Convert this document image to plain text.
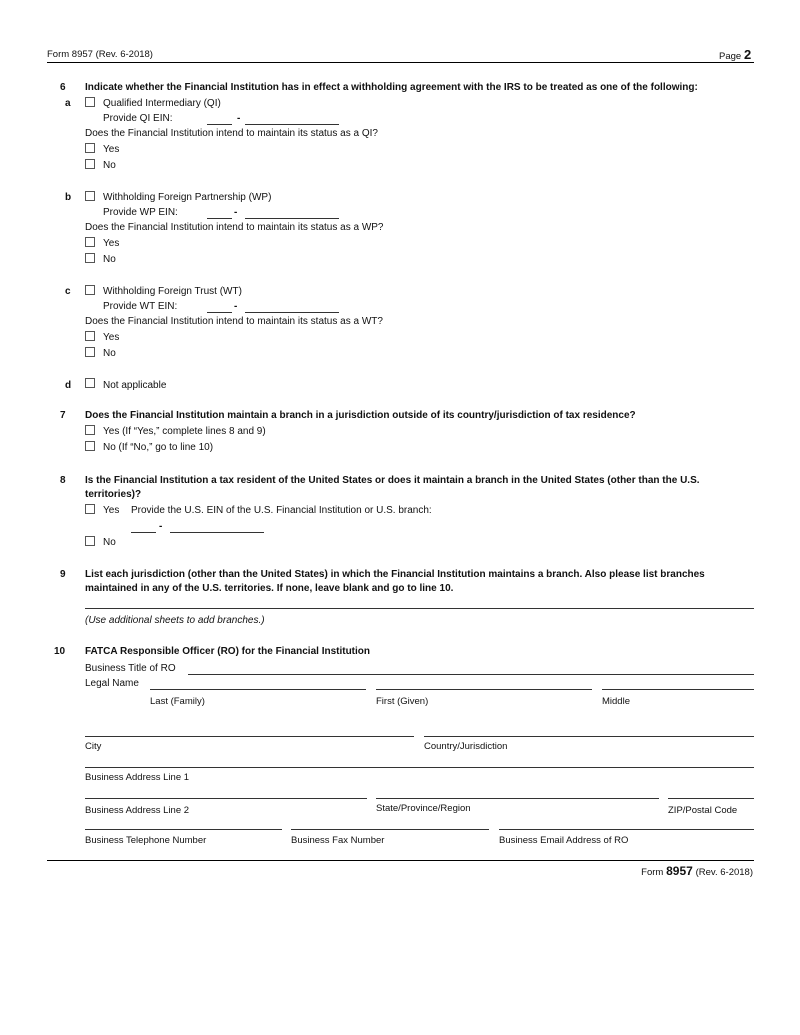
Form 8957 (Rev. 6-2018)	Page 2
6 Indicate whether the Financial Institution has in effect a withholding agreement with the IRS to be treated as one of the following:
a	Qualified Intermediary (QI)
Provide QI EIN:	-
Does the Financial Institution intend to maintain its status as a QI?
Yes
No
b	Withholding Foreign Partnership (WP)
Provide WP EIN:	-
Does the Financial Institution intend to maintain its status as a WP?
Yes
No
c	Withholding Foreign Trust (WT)
Provide WT EIN:	-
Does the Financial Institution intend to maintain its status as a WT?
Yes
No
d	Not applicable
7 Does the Financial Institution maintain a branch in a jurisdiction outside of its country/jurisdiction of tax residence?
Yes (If “Yes,” complete lines 8 and 9)
No (If “No,” go to line 10)
8 Is the Financial Institution a tax resident of the United States or does it maintain a branch in the United States (other than the U.S.
territories)?
Yes Provide the U.S. EIN of the U.S. Financial Institution or U.S. branch:
-
No
9 List each jurisdiction (other than the United States) in which the Financial Institution maintains a branch. Also please list branches
maintained in any of the U.S. territories. If none, leave blank and go to line 10.
(Use additional sheets to add branches.)
10 FATCA Responsible Officer (RO) for the Financial Institution
Business Title of RO
Legal Name
Last (Family)	First (Given)	Middle
City	Country/Jurisdiction
Business Address Line 1
Business Address Line 2	State/Province/Region	ZIP/Postal Code
Business Telephone Number	Business Fax Number	Business Email Address of RO
Form 8957 (Rev. 6-2018)
